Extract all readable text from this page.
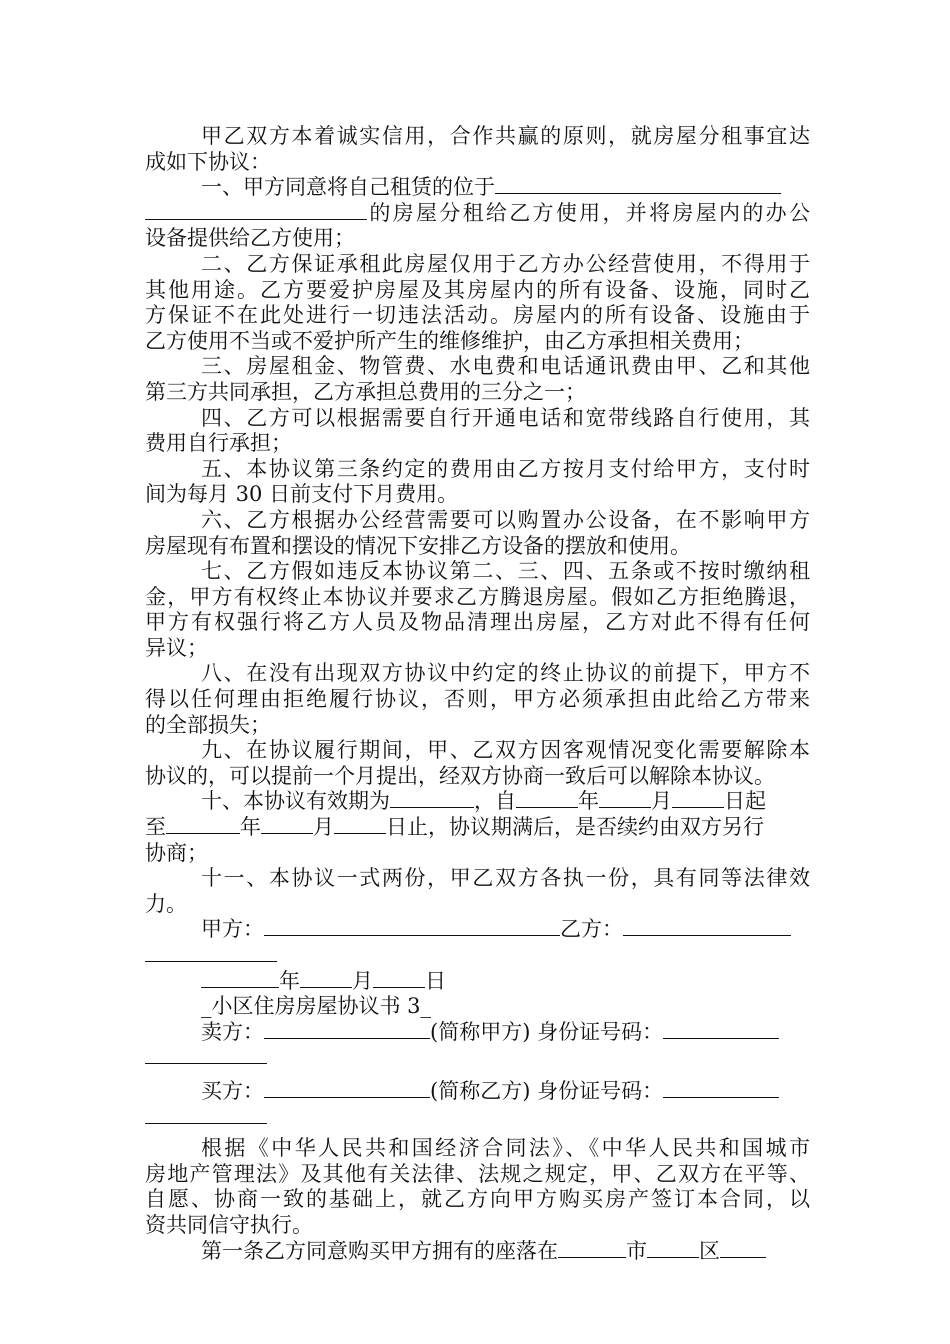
甲乙双方本着诚实信用，合作共赢的原则，就房屋分租事宜达

成如下协议：

一、甲方同意将自己租赁的位于

的房屋分租给乙方使用，并将房屋内的办公

设备提供给乙方使用；

二、乙方保证承租此房屋仅用于乙方办公经营使用，不得用于

其他用途。乙方要爱护房屋及其房屋内的所有设备、设施，同时乙

方保证不在此处进行一切违法活动。房屋内的所有设备、设施由于

乙方使用不当或不爱护所产生的维修维护，由乙方承担相关费用；

三、房屋租金、物管费、水电费和电话通讯费由甲、乙和其他

第三方共同承担，乙方承担总费用的三分之一；

四、乙方可以根据需要自行开通电话和宽带线路自行使用，其

费用自行承担；

五、本协议第三条约定的费用由乙方按月支付给甲方，支付时

间为每月 30 日前支付下月费用。

六、乙方根据办公经营需要可以购置办公设备，在不影响甲方

房屋现有布置和摆设的情况下安排乙方设备的摆放和使用。

七、乙方假如违反本协议第二、三、四、五条或不按时缴纳租

金，甲方有权终止本协议并要求乙方腾退房屋。假如乙方拒绝腾退，

甲方有权强行将乙方人员及物品清理出房屋，乙方对此不得有任何

异议；

八、在没有出现双方协议中约定的终止协议的前提下，甲方不

得以任何理由拒绝履行协议，否则，甲方必须承担由此给乙方带来

的全部损失；

九、在协议履行期间，甲、乙双方因客观情况变化需要解除本

协议的，可以提前一个月提出，经双方协商一致后可以解除本协议。

十、本协议有效期为	，自	年 月 日起

至	年 月 日止，协议期满后，是否续约由双方另行

协商；

十一、本协议一式两份，甲乙双方各执一份，具有同等法律效

力。

甲方：	乙方：

年 月 日

_小区住房房屋协议书 3_

卖方：	(简称甲方) 身份证号码：

买方：	(简称乙方) 身份证号码：

根据《中华人民共和国经济合同法》、《中华人民共和国城市

房地产管理法》及其他有关法律、法规之规定，甲、乙双方在平等、

自愿、协商一致的基础上，就乙方向甲方购买房产签订本合同，以

资共同信守执行。

第一条乙方同意购买甲方拥有的座落在	市 区
